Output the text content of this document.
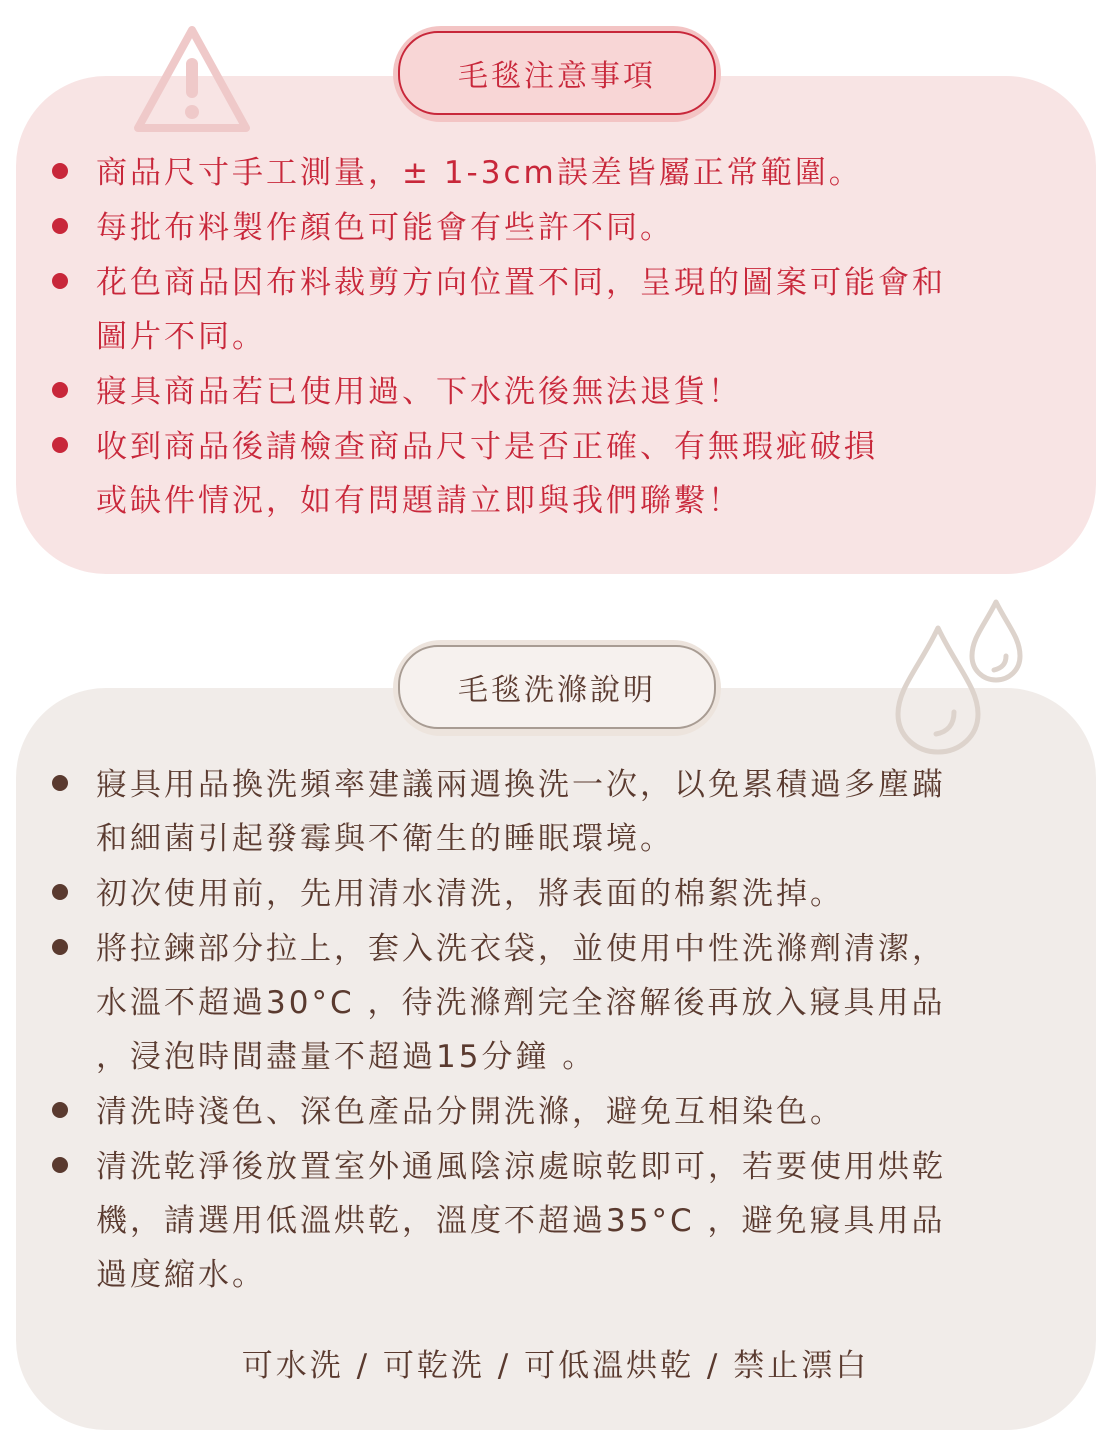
毛毯注意事項
商品尺寸手工測量，± 1-3cm誤差皆屬正常範圍。
每批布料製作顏色可能會有些許不同。
花色商品因布料裁剪方向位置不同，呈現的圖案可能會和
圖片不同。
寢具商品若已使用過、下水洗後無法退貨！
收到商品後請檢查商品尺寸是否正確、有無瑕疵破損
或缺件情況，如有問題請立即與我們聯繫！
毛毯洗滌說明
寢具用品換洗頻率建議兩週換洗一次，以免累積過多塵蹣
和細菌引起發霉與不衛生的睡眠環境。
初次使用前，先用清水清洗，將表面的棉絮洗掉。
將拉鍊部分拉上，套入洗衣袋，並使用中性洗滌劑清潔，
水溫不超過30°C ，待洗滌劑完全溶解後再放入寢具用品
，浸泡時間盡量不超過15分鐘 。
清洗時淺色、深色產品分開洗滌，避免互相染色。
清洗乾淨後放置室外通風陰涼處晾乾即可，若要使用烘乾
機，請選用低溫烘乾，溫度不超過35°C ，避免寢具用品
過度縮水。
可水洗 / 可乾洗 / 可低溫烘乾 / 禁止漂白
